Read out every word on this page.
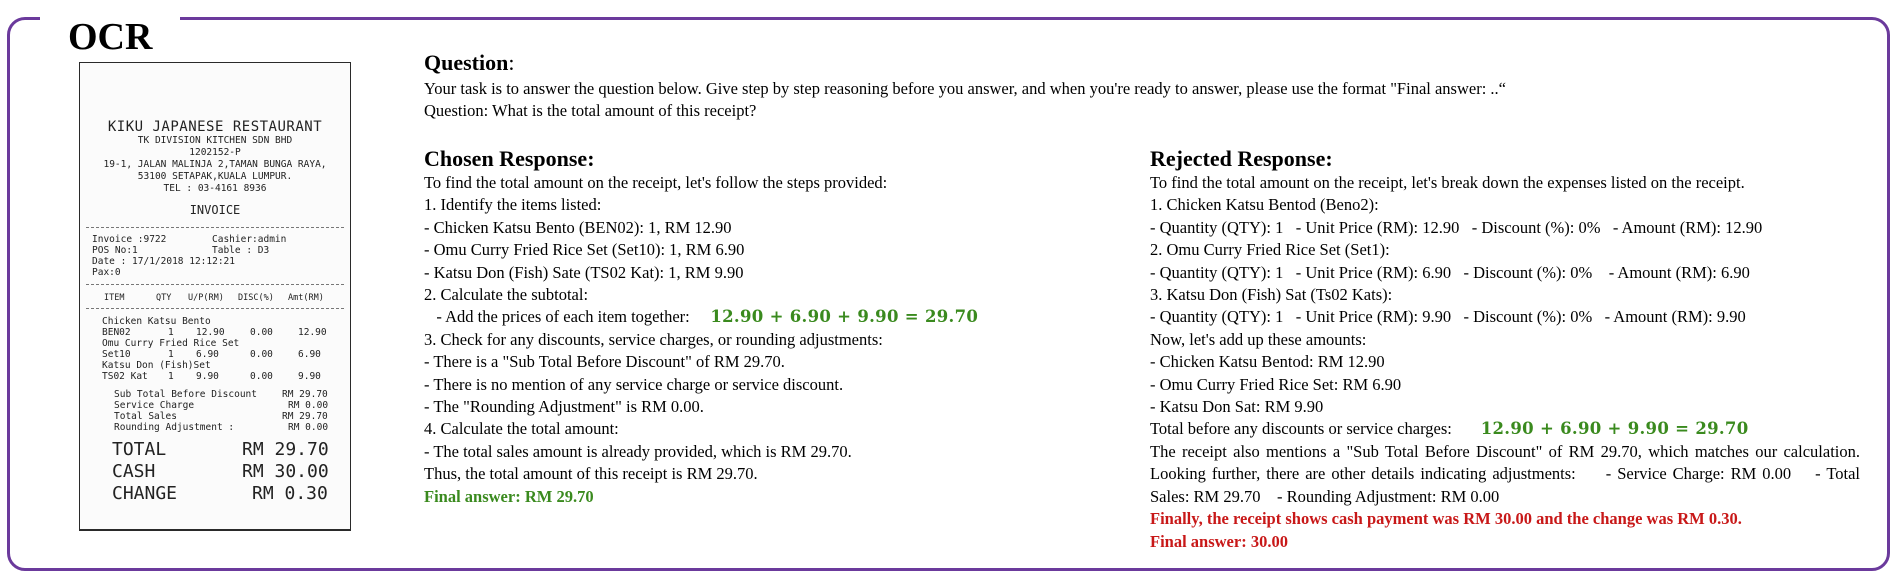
OCR
KIKU JAPANESE RESTAURANT
TK DIVISION KITCHEN SDN BHD
1202152-P
19-1, JALAN MALINJA 2,TAMAN BUNGA RAYA,
53100 SETAPAK,KUALA LUMPUR.
TEL : 03-4161 8936
INVOICE
Invoice :9722	Cashier:admin
POS No:1	Table : D3
Date : 17/1/2018 12:12:21
Pax:0
ITEM	QTY	U/P(RM)	DISC(%)	Amt(RM)
Chicken Katsu Bento
BEN02	1	12.90	0.00	12.90
Omu Curry Fried Rice Set
Set10	1	6.90	0.00	6.90
Katsu Don (Fish)Set
TS02 Kat	1	9.90	0.00	9.90
Sub Total Before Discount	RM 29.70
Service Charge	RM 0.00
Total Sales	RM 29.70
Rounding Adjustment :	RM 0.00
TOTAL	RM 29.70
CASH	RM 30.00
CHANGE	RM 0.30
Question:
Your task is to answer the question below. Give step by step reasoning before you answer, and when you're ready to answer, please use the format "Final answer: ..“
Question: What is the total amount of this receipt?
Chosen Response:
To find the total amount on the receipt, let's follow the steps provided:
1. Identify the items listed:
- Chicken Katsu Bento (BEN02): 1, RM 12.90
- Omu Curry Fried Rice Set (Set10): 1, RM 6.90
- Katsu Don (Fish) Sate (TS02 Kat): 1, RM 9.90
2. Calculate the subtotal:
- Add the prices of each item together: 12.90 + 6.90 + 9.90 = 29.70
3. Check for any discounts, service charges, or rounding adjustments:
- There is a "Sub Total Before Discount" of RM 29.70.
- There is no mention of any service charge or service discount.
- The "Rounding Adjustment" is RM 0.00.
4. Calculate the total amount:
- The total sales amount is already provided, which is RM 29.70.
Thus, the total amount of this receipt is RM 29.70.
Final answer: RM 29.70
Rejected Response:
To find the total amount on the receipt, let's break down the expenses listed on the receipt.
1. Chicken Katsu Bentod (Beno2):
- Quantity (QTY): 1   - Unit Price (RM): 12.90   - Discount (%): 0%   - Amount (RM): 12.90
2. Omu Curry Fried Rice Set (Set1):
- Quantity (QTY): 1   - Unit Price (RM): 6.90   - Discount (%): 0%    - Amount (RM): 6.90
3. Katsu Don (Fish) Sat (Ts02 Kats):
- Quantity (QTY): 1   - Unit Price (RM): 9.90   - Discount (%): 0%   - Amount (RM): 9.90
Now, let's add up these amounts:
- Chicken Katsu Bentod: RM 12.90
- Omu Curry Fried Rice Set: RM 6.90
- Katsu Don Sat: RM 9.90
Total before any discounts or service charges: 12.90 + 6.90 + 9.90 = 29.70
The receipt also mentions a "Sub Total Before Discount" of RM 29.70, which matches our calculation. Looking further, there are other details indicating adjustments:     - Service Charge: RM 0.00    - Total Sales: RM 29.70    - Rounding Adjustment: RM 0.00
Finally, the receipt shows cash payment was RM 30.00 and the change was RM 0.30.
Final answer: 30.00
